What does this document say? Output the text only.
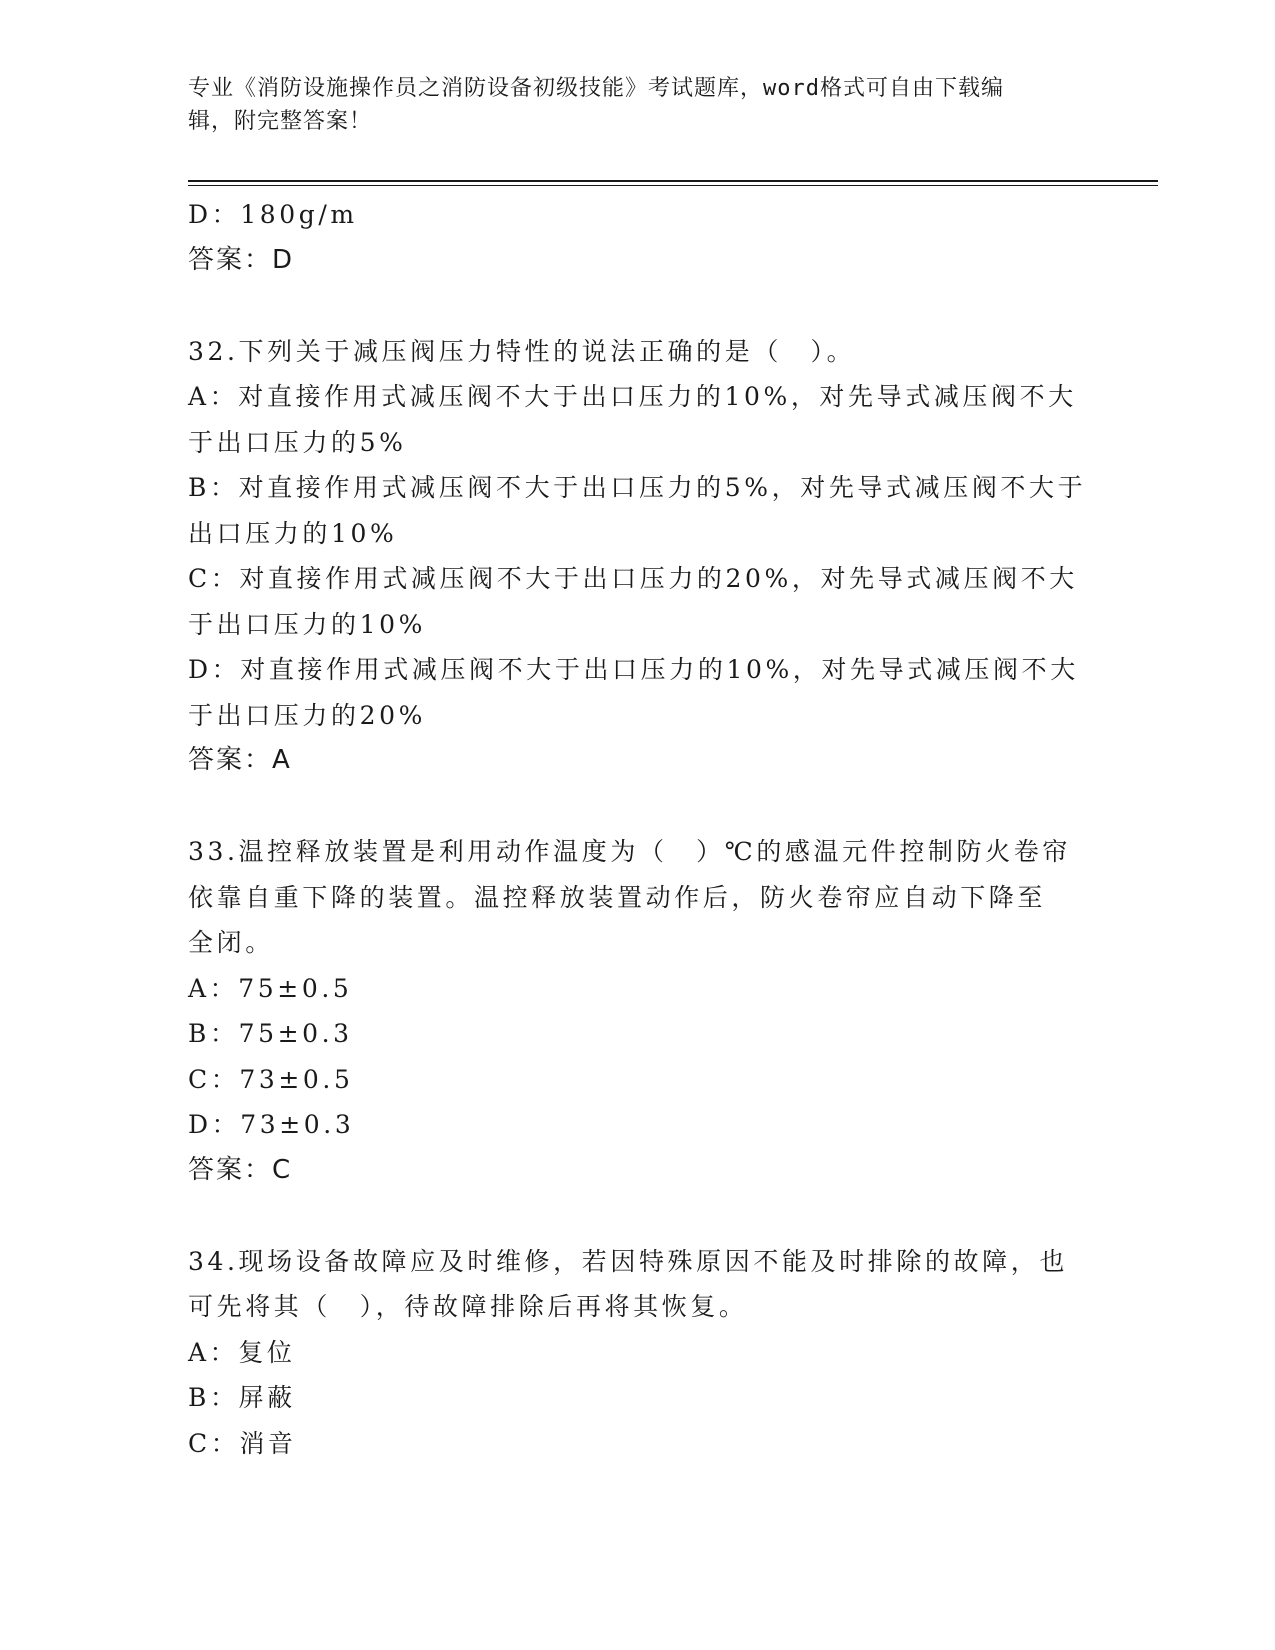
专业《消防设施操作员之消防设备初级技能》考试题库，word格式可自由下载编
辑，附完整答案！
D：180g/m
答案：D
32.下列关于减压阀压力特性的说法正确的是（　）。
A：对直接作用式减压阀不大于出口压力的10%，对先导式减压阀不大
于出口压力的5%
B：对直接作用式减压阀不大于出口压力的5%，对先导式减压阀不大于
出口压力的10%
C：对直接作用式减压阀不大于出口压力的20%，对先导式减压阀不大
于出口压力的10%
D：对直接作用式减压阀不大于出口压力的10%，对先导式减压阀不大
于出口压力的20%
答案：A
33.温控释放装置是利用动作温度为（　）℃的感温元件控制防火卷帘
依靠自重下降的装置。温控释放装置动作后，防火卷帘应自动下降至
全闭。
A：75±0.5
B：75±0.3
C：73±0.5
D：73±0.3
答案：C
34.现场设备故障应及时维修，若因特殊原因不能及时排除的故障，也
可先将其（　），待故障排除后再将其恢复。
A：复位
B：屏蔽
C：消音
